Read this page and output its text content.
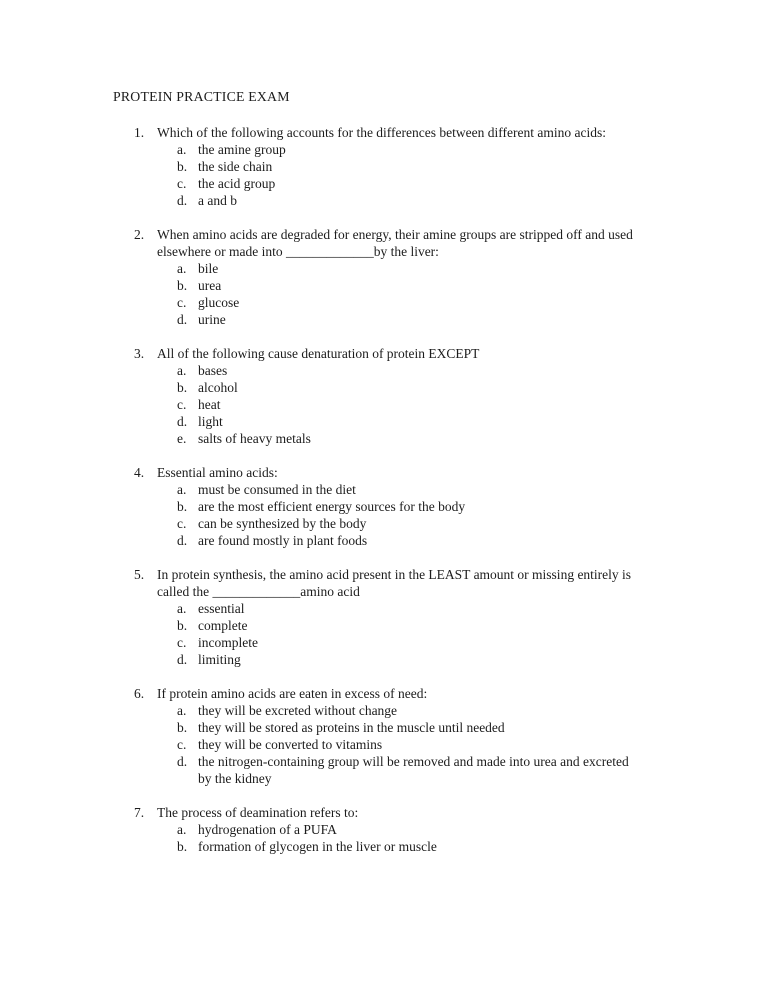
PROTEIN PRACTICE EXAM
1. Which of the following accounts for the differences between different amino acids:
a. the amine group
b. the side chain
c. the acid group
d. a and b
2. When amino acids are degraded for energy, their amine groups are stripped off and used elsewhere or made into _____________by the liver:
a. bile
b. urea
c. glucose
d. urine
3. All of the following cause denaturation of protein EXCEPT
a. bases
b. alcohol
c. heat
d. light
e. salts of heavy metals
4. Essential amino acids:
a. must be consumed in the diet
b. are the most efficient energy sources for the body
c. can be synthesized by the body
d. are found mostly in plant foods
5. In protein synthesis, the amino acid present in the LEAST amount or missing entirely is called the _____________amino acid
a. essential
b. complete
c. incomplete
d. limiting
6. If protein amino acids are eaten in excess of need:
a. they will be excreted without change
b. they will be stored as proteins in the muscle until needed
c. they will be converted to vitamins
d. the nitrogen-containing group will be removed and made into urea and excreted by the kidney
7. The process of deamination refers to:
a. hydrogenation of a PUFA
b. formation of glycogen in the liver or muscle
